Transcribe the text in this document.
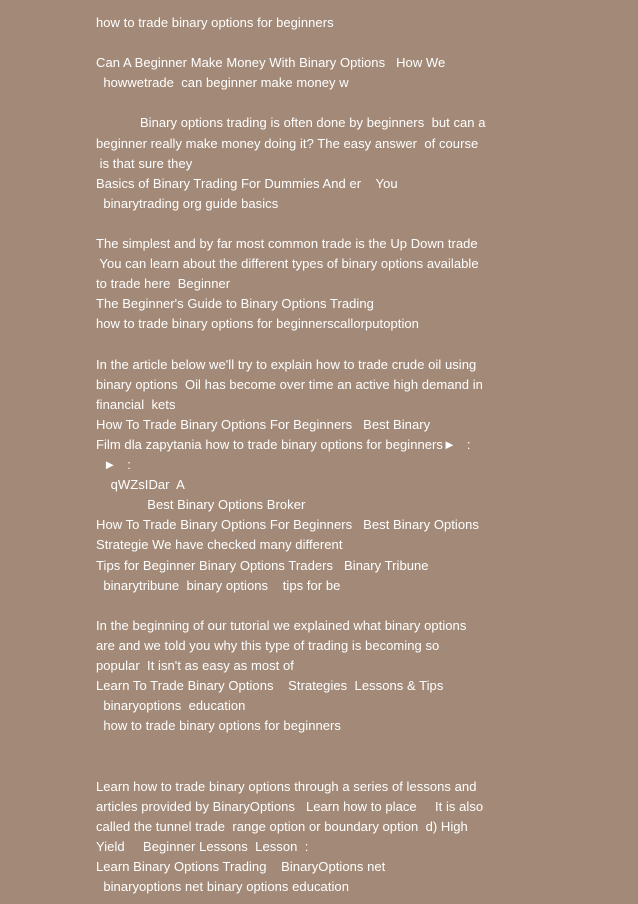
how to trade binary options for beginners
Can A Beginner Make Money With Binary Options   How We
howwetrade  can beginner make money w
Binary options trading is often done by beginners  but can a
beginner really make money doing it? The easy answer  of course
is that sure they
Basics of Binary Trading For Dummies And er    You
binarytrading org guide basics
The simplest and by far most common trade is the Up Down trade
You can learn about the different types of binary options available
to trade here  Beginner
The Beginner's Guide to Binary Options Trading
how to trade binary options for beginnerscallorputoption
In the article below we'll try to explain how to trade crude oil using
binary options  Oil has become over time an active high demand in
financial  kets
How To Trade Binary Options For Beginners   Best Binary
Film dla zapytania how to trade binary options for beginners►   :
►   :
qWZsIDar  A
Best Binary Options Broker
How To Trade Binary Options For Beginners   Best Binary Options
Strategie We have checked many different
Tips for Beginner Binary Options Traders   Binary Tribune
binarytribune  binary options    tips for be
In the beginning of our tutorial we explained what binary options
are and we told you why this type of trading is becoming so
popular  It isn't as easy as most of
Learn To Trade Binary Options    Strategies  Lessons & Tips
binaryoptions  education
how to trade binary options for beginners
Learn how to trade binary options through a series of lessons and
articles provided by BinaryOptions   Learn how to place     It is also
called the tunnel trade  range option or boundary option  d) High
Yield     Beginner Lessons  Lesson  :
Learn Binary Options Trading    BinaryOptions net
binaryoptions net binary options education
